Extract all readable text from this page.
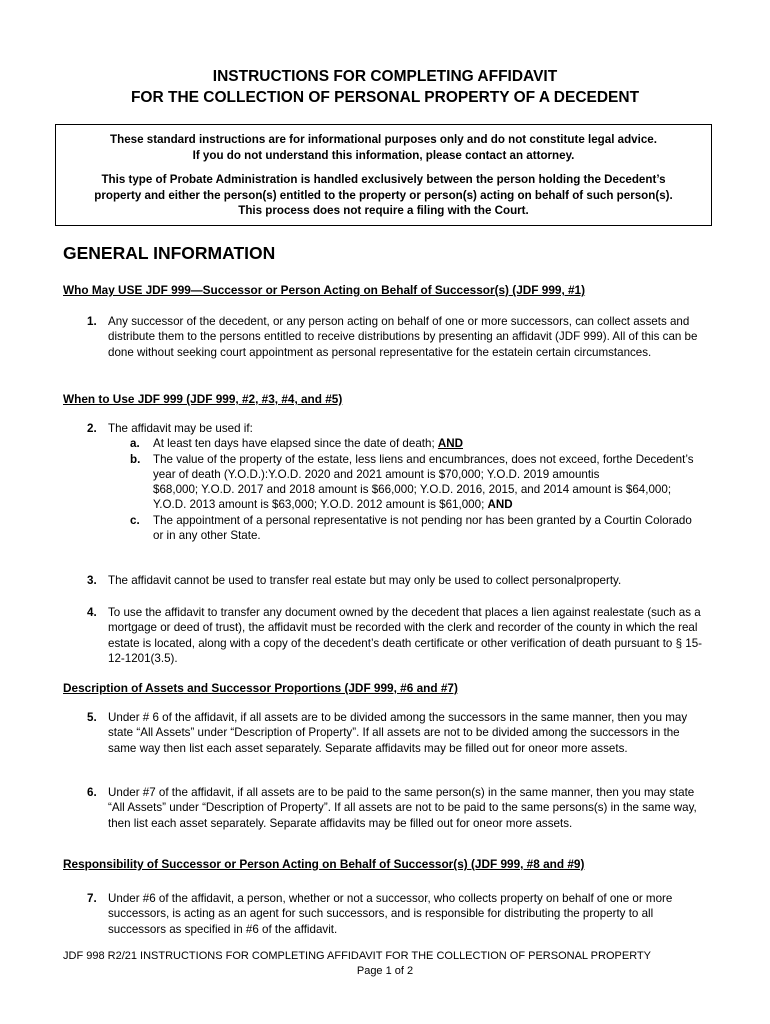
INSTRUCTIONS FOR COMPLETING AFFIDAVIT
FOR THE COLLECTION OF PERSONAL PROPERTY OF A DECEDENT

These standard instructions are for informational purposes only and do not constitute legal advice.

If you do not understand this information, please contact an attorney.

This type of Probate Administration is handled exclusively between the person holding the Decedent’s

property and either the person(s) entitled to the property or person(s) acting on behalf of such person(s).

This process does not require a filing with the Court.

GENERAL INFORMATION
Who May USE JDF 999—Successor or Person Acting on Behalf of Successor(s) (JDF 999, #1)
1. Any successor of the decedent, or any person acting on behalf of one or more successors, can collect assets and distribute them to the persons entitled to receive distributions by presenting an affidavit (JDF 999). All of this can be done without seeking court appointment as personal representative for the estatein certain circumstances.
When to Use JDF 999 (JDF 999, #2, #3, #4, and #5)
2. The affidavit may be used if:
a. At least ten days have elapsed since the date of death; AND
b. The value of the property of the estate, less liens and encumbrances, does not exceed, forthe Decedent’s year of death (Y.O.D.):Y.O.D. 2020 and 2021 amount is $70,000; Y.O.D. 2019 amountis
$68,000; Y.O.D. 2017 and 2018 amount is $66,000; Y.O.D. 2016, 2015, and 2014 amount is $64,000; Y.O.D. 2013 amount is $63,000; Y.O.D. 2012 amount is $61,000; AND
c. The appointment of a personal representative is not pending nor has been granted by a Courtin Colorado or in any other State.
3. The affidavit cannot be used to transfer real estate but may only be used to collect personalproperty.
4. To use the affidavit to transfer any document owned by the decedent that places a lien against realestate (such as a mortgage or deed of trust), the affidavit must be recorded with the clerk and recorder of the county in which the real estate is located, along with a copy of the decedent’s death certificate or other verification of death pursuant to § 15-12-1201(3.5).
Description of Assets and Successor Proportions (JDF 999, #6 and #7)
5. Under # 6 of the affidavit, if all assets are to be divided among the successors in the same manner, then you may state “All Assets” under “Description of Property”. If all assets are not to be divided among the successors in the same way then list each asset separately. Separate affidavits may be filled out for oneor more assets.
6. Under #7 of the affidavit, if all assets are to be paid to the same person(s) in the same manner, then you may state “All Assets” under “Description of Property”. If all assets are not to be paid to the same persons(s) in the same way, then list each asset separately. Separate affidavits may be filled out for oneor more assets.
Responsibility of Successor or Person Acting on Behalf of Successor(s) (JDF 999, #8 and #9)
7. Under #6 of the affidavit, a person, whether or not a successor, who collects property on behalf of one or more successors, is acting as an agent for such successors, and is responsible for distributing the property to all successors as specified in #6 of the affidavit.
JDF 998 R2/21 INSTRUCTIONS FOR COMPLETING AFFIDAVIT FOR THE COLLECTION OF PERSONAL PROPERTY
Page 1 of 2
